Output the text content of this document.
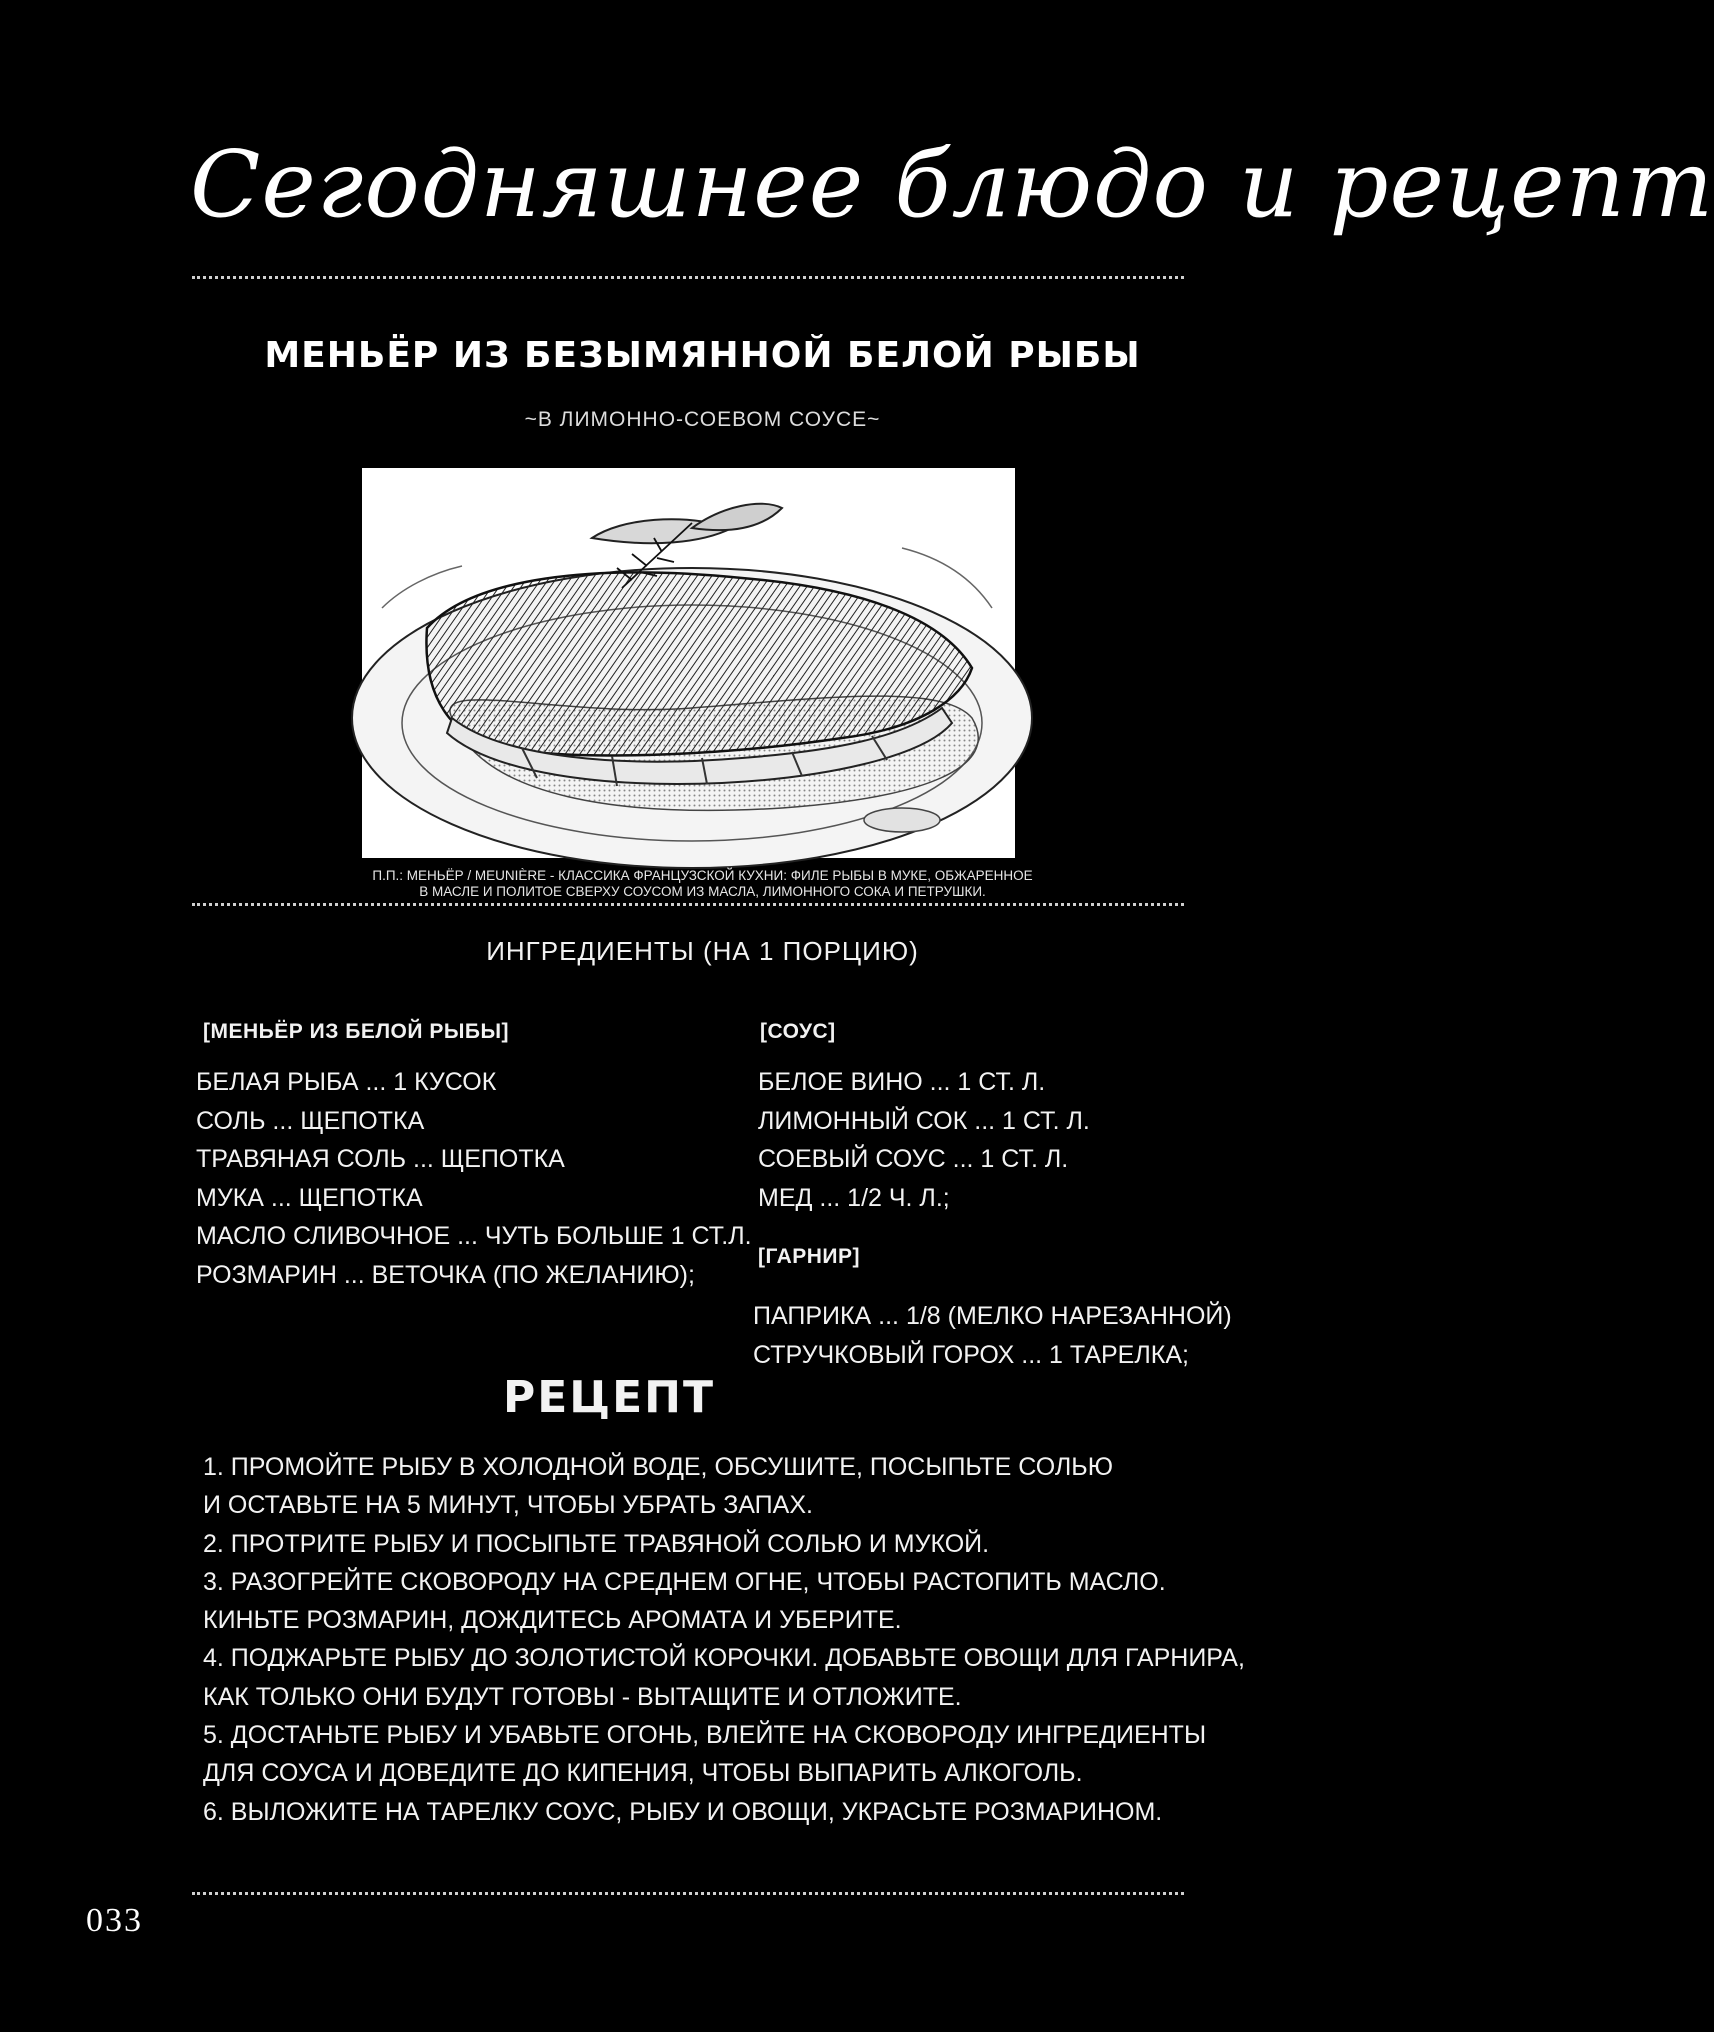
Сегодняшнее блюдо и рецепт
МЕНЬЁР ИЗ БЕЗЫМЯННОЙ БЕЛОЙ РЫБЫ
~В ЛИМОННО-СОЕВОМ СОУСЕ~
П.П.: МЕНЬЁР / MEUNIÈRE - КЛАССИКА ФРАНЦУЗСКОЙ КУХНИ: ФИЛЕ РЫБЫ В МУКЕ, ОБЖАРЕННОЕ
В МАСЛЕ И ПОЛИТОЕ СВЕРХУ СОУСОМ ИЗ МАСЛА, ЛИМОННОГО СОКА И ПЕТРУШКИ.
ИНГРЕДИЕНТЫ (НА 1 ПОРЦИЮ)
[МЕНЬЁР ИЗ БЕЛОЙ РЫБЫ]
БЕЛАЯ РЫБА ... 1 КУСОК
СОЛЬ ... ЩЕПОТКА
ТРАВЯНАЯ СОЛЬ ... ЩЕПОТКА
МУКА ... ЩЕПОТКА
МАСЛО СЛИВОЧНОЕ ... ЧУТЬ БОЛЬШЕ 1 СТ.Л.
РОЗМАРИН ... ВЕТОЧКА (ПО ЖЕЛАНИЮ);
[СОУС]
БЕЛОЕ ВИНО ... 1 СТ. Л.
ЛИМОННЫЙ СОК ... 1 СТ. Л.
СОЕВЫЙ СОУС ... 1 СТ. Л.
МЕД ... 1/2 Ч. Л.;
[ГАРНИР]
ПАПРИКА ... 1/8 (МЕЛКО НАРЕЗАННОЙ)
СТРУЧКОВЫЙ ГОРОХ ... 1 ТАРЕЛКА;
РЕЦЕПТ
1. ПРОМОЙТЕ РЫБУ В ХОЛОДНОЙ ВОДЕ, ОБСУШИТЕ, ПОСЫПЬТЕ СОЛЬЮ
И ОСТАВЬТЕ НА 5 МИНУТ, ЧТОБЫ УБРАТЬ ЗАПАХ.
2. ПРОТРИТЕ РЫБУ И ПОСЫПЬТЕ ТРАВЯНОЙ СОЛЬЮ И МУКОЙ.
3. РАЗОГРЕЙТЕ СКОВОРОДУ НА СРЕДНЕМ ОГНЕ, ЧТОБЫ РАСТОПИТЬ МАСЛО.
КИНЬТЕ РОЗМАРИН, ДОЖДИТЕСЬ АРОМАТА И УБЕРИТЕ.
4. ПОДЖАРЬТЕ РЫБУ ДО ЗОЛОТИСТОЙ КОРОЧКИ. ДОБАВЬТЕ ОВОЩИ ДЛЯ ГАРНИРА,
КАК ТОЛЬКО ОНИ БУДУТ ГОТОВЫ - ВЫТАЩИТЕ И ОТЛОЖИТЕ.
5. ДОСТАНЬТЕ РЫБУ И УБАВЬТЕ ОГОНЬ, ВЛЕЙТЕ НА СКОВОРОДУ ИНГРЕДИЕНТЫ
ДЛЯ СОУСА И ДОВЕДИТЕ ДО КИПЕНИЯ, ЧТОБЫ ВЫПАРИТЬ АЛКОГОЛЬ.
6. ВЫЛОЖИТЕ НА ТАРЕЛКУ СОУС, РЫБУ И ОВОЩИ, УКРАСЬТЕ РОЗМАРИНОМ.
033
